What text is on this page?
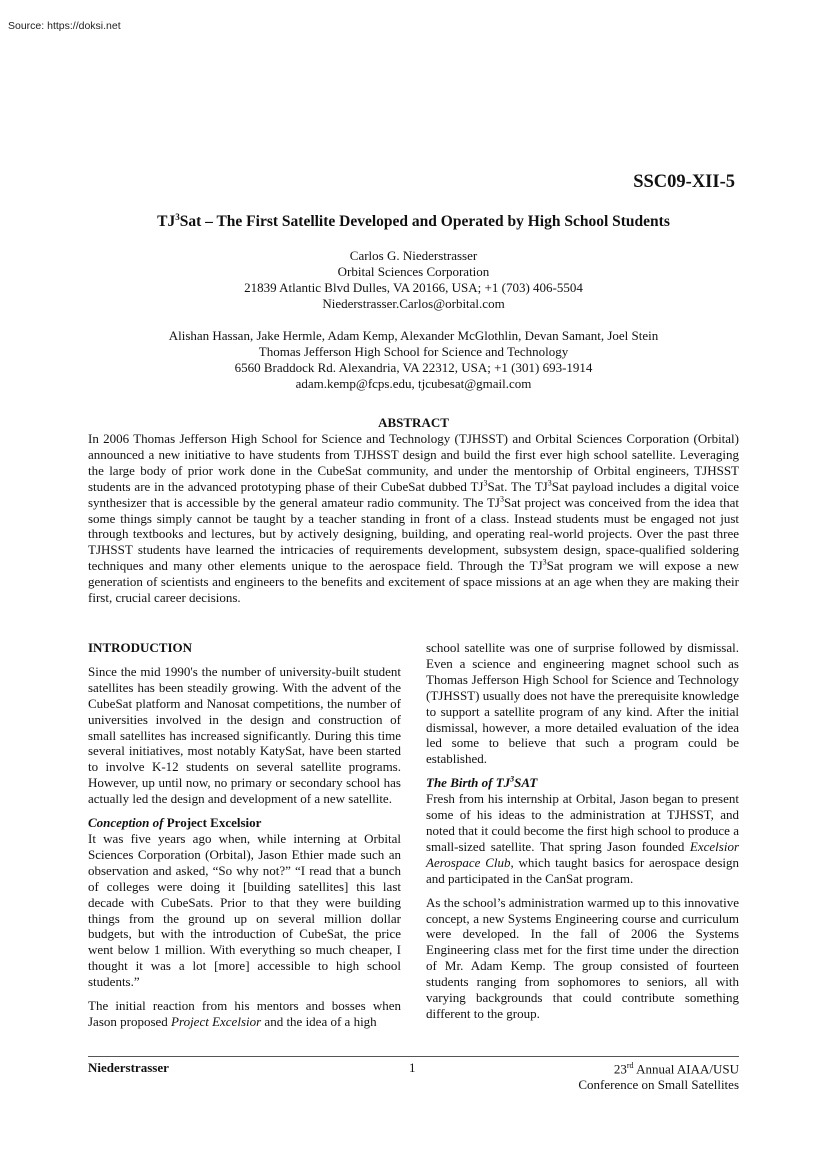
Source: https://doksi.net
SSC09-XII-5
$TJ^3Sat$ – The First Satellite Developed and Operated by High School Students
Carlos G. Niederstrasser
Orbital Sciences Corporation
21839 Atlantic Blvd Dulles, VA 20166, USA; +1 (703) 406-5504
Niederstrasser.Carlos@orbital.com
Alishan Hassan, Jake Hermle, Adam Kemp, Alexander McGlothlin, Devan Samant, Joel Stein
Thomas Jefferson High School for Science and Technology
6560 Braddock Rd. Alexandria, VA 22312, USA; +1 (301) 693-1914
adam.kemp@fcps.edu, tjcubesat@gmail.com
ABSTRACT

In 2006 Thomas Jefferson High School for Science and Technology (TJHSST) and Orbital Sciences Corporation (Orbital) announced a new initiative to have students from TJHSST design and build the first ever high school satellite. Leveraging the large body of prior work done in the CubeSat community, and under the mentorship of Orbital engineers, TJHSST students are in the advanced prototyping phase of their CubeSat dubbed $TJ^3Sat$. The $TJ^3Sat$ payload includes a digital voice synthesizer that is accessible by the general amateur radio community. The $TJ^3Sat$ project was conceived from the idea that some things simply cannot be taught by a teacher standing in front of a class. Instead students must be engaged not just through textbooks and lectures, but by actively designing, building, and operating real-world projects. Over the past three TJHSST students have learned the intricacies of requirements development, subsystem design, space-qualified soldering techniques and many other elements unique to the aerospace field. Through the $TJ^3Sat$ program we will expose a new generation of scientists and engineers to the benefits and excitement of space missions at an age when they are making their first, crucial career decisions.

INTRODUCTION

Since the mid 1990's the number of university-built student satellites has been steadily growing. With the advent of the CubeSat platform and Nanosat competitions, the number of universities involved in the design and construction of small satellites has increased significantly. During this time several initiatives, most notably KatySat, have been started to involve K-12 students on several satellite programs. However, up until now, no primary or secondary school has actually led the design and development of a new satellite.

Conception of Project Excelsior

It was five years ago when, while interning at Orbital Sciences Corporation (Orbital), Jason Ethier made such an observation and asked, “So why not?” “I read that a bunch of colleges were doing it [building satellites] this last decade with CubeSats. Prior to that they were building things from the ground up on several million dollar budgets, but with the introduction of CubeSat, the price went below 1 million. With everything so much cheaper, I thought it was a lot [more] accessible to high school students.”

The initial reaction from his mentors and bosses when Jason proposed Project Excelsior and the idea of a high

school satellite was one of surprise followed by dismissal. Even a science and engineering magnet school such as Thomas Jefferson High School for Science and Technology (TJHSST) usually does not have the prerequisite knowledge to support a satellite program of any kind. After the initial dismissal, however, a more detailed evaluation of the idea led some to believe that such a program could be established.

The Birth of $TJ^3SAT$

Fresh from his internship at Orbital, Jason began to present some of his ideas to the administration at TJHSST, and noted that it could become the first high school to produce a small-sized satellite. That spring Jason founded Excelsior Aerospace Club, which taught basics for aerospace design and participated in the CanSat program.

As the school’s administration warmed up to this innovative concept, a new Systems Engineering course and curriculum were developed. In the fall of 2006 the Systems Engineering class met for the first time under the direction of Mr. Adam Kemp. The group consisted of fourteen students ranging from sophomores to seniors, all with varying backgrounds that could contribute something different to the group.

Niederstrasser	1	23rd Annual AIAA/USU
Conference on Small Satellites
